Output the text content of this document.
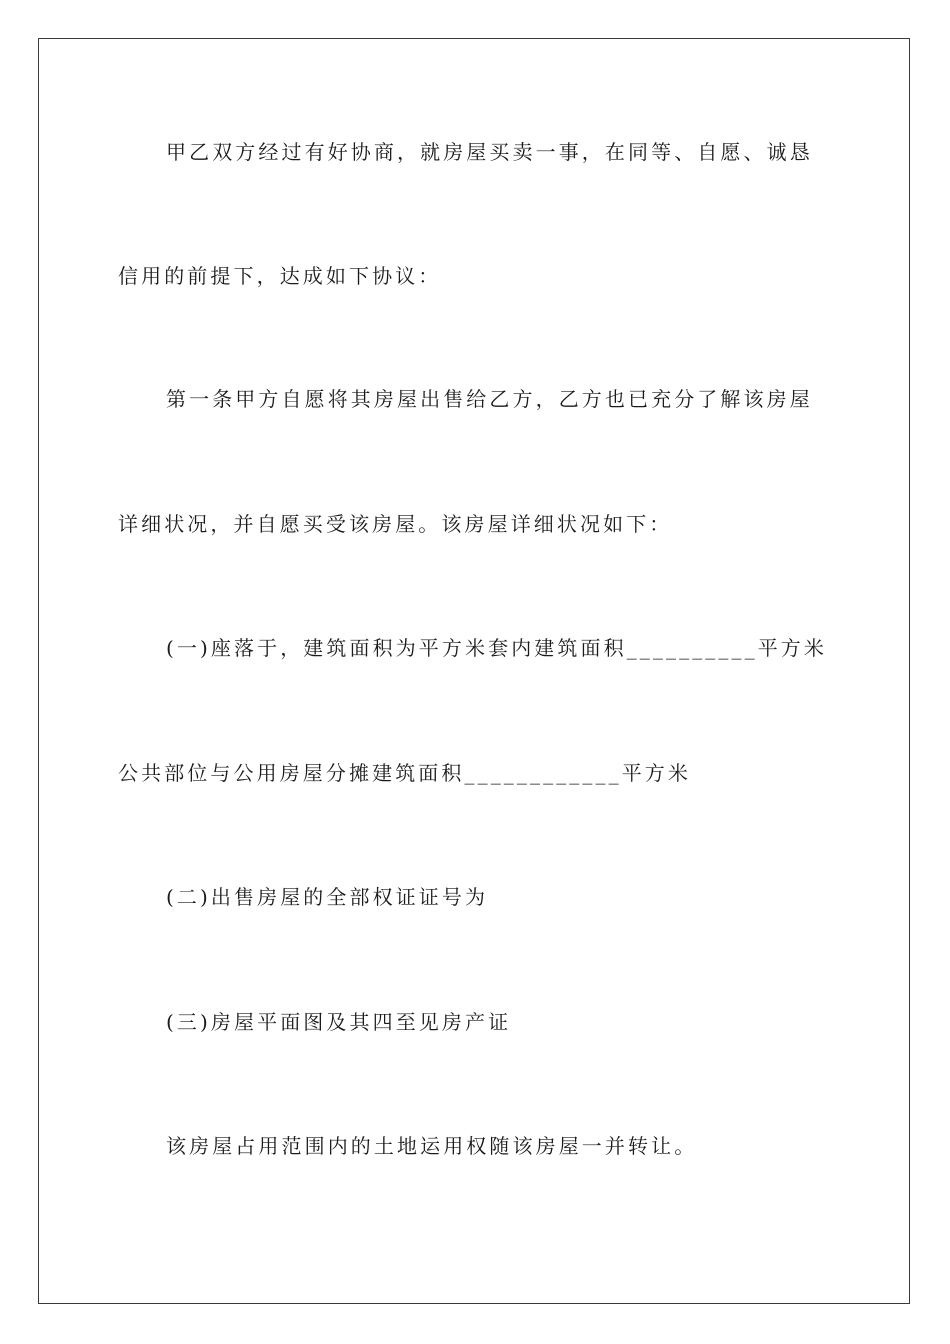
甲乙双方经过有好协商，就房屋买卖一事，在同等、自愿、诚恳
信用的前提下，达成如下协议：
第一条甲方自愿将其房屋出售给乙方，乙方也已充分了解该房屋
详细状况，并自愿买受该房屋。该房屋详细状况如下：
(一)座落于，建筑面积为平方米套内建筑面积__________平方米
公共部位与公用房屋分摊建筑面积____________平方米
(二)出售房屋的全部权证证号为
(三)房屋平面图及其四至见房产证
该房屋占用范围内的土地运用权随该房屋一并转让。
